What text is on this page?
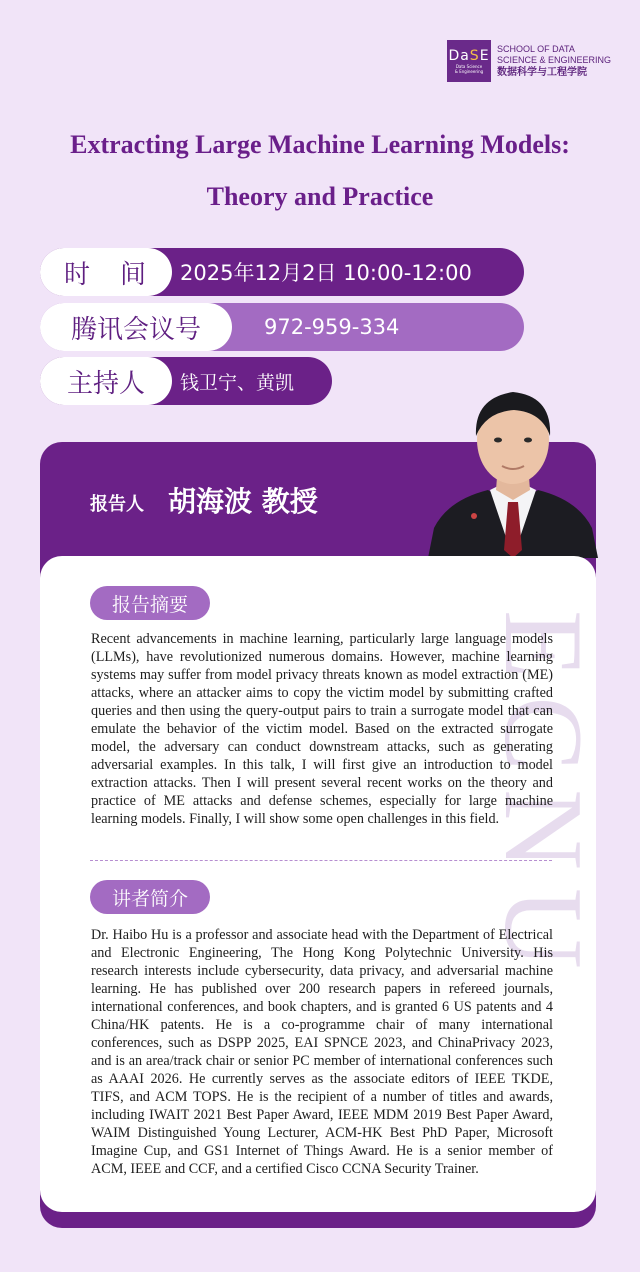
DaSE
Data Science
& Engineering
SCHOOL OF DATA
SCIENCE & ENGINEERING
数据科学与工程学院
Extracting Large Machine Learning Models:
Theory and Practice
时　间	2025年12月2日 10:00-12:00
腾讯会议号	972-959-334
主持人	钱卫宁、黄凯
报告人 胡海波 教授
ECNU
报告摘要
Recent advancements in machine learning, particularly large language models (LLMs), have revolutionized numerous domains. However, machine learning systems may suffer from model privacy threats known as model extraction (ME) attacks, where an attacker aims to copy the victim model by submitting crafted queries and then using the query-output pairs to train a surrogate model that can emulate the behavior of the victim model. Based on the extracted surrogate model, the adversary can conduct downstream attacks, such as generating adversarial examples. In this talk, I will first give an introduction to model extraction attacks. Then I will present several recent works on the theory and practice of ME attacks and defense schemes, especially for large machine learning models. Finally, I will show some open challenges in this field.
讲者简介
Dr. Haibo Hu is a professor and associate head with the Department of Electrical and Electronic Engineering, The Hong Kong Polytechnic University. His research interests include cybersecurity, data privacy, and adversarial machine learning. He has published over 200 research papers in refereed journals, international conferences, and book chapters, and is granted 6 US patents and 4 China/HK patents. He is a co-programme chair of many international conferences, such as DSPP 2025, EAI SPNCE 2023, and ChinaPrivacy 2023, and is an area/track chair or senior PC member of international conferences such as AAAI 2026. He currently serves as the associate editors of IEEE TKDE, TIFS, and ACM TOPS. He is the recipient of a number of titles and awards, including IWAIT 2021 Best Paper Award, IEEE MDM 2019 Best Paper Award, WAIM Distinguished Young Lecturer, ACM-HK Best PhD Paper, Microsoft Imagine Cup, and GS1 Internet of Things Award. He is a senior member of ACM, IEEE and CCF, and a certified Cisco CCNA Security Trainer.
